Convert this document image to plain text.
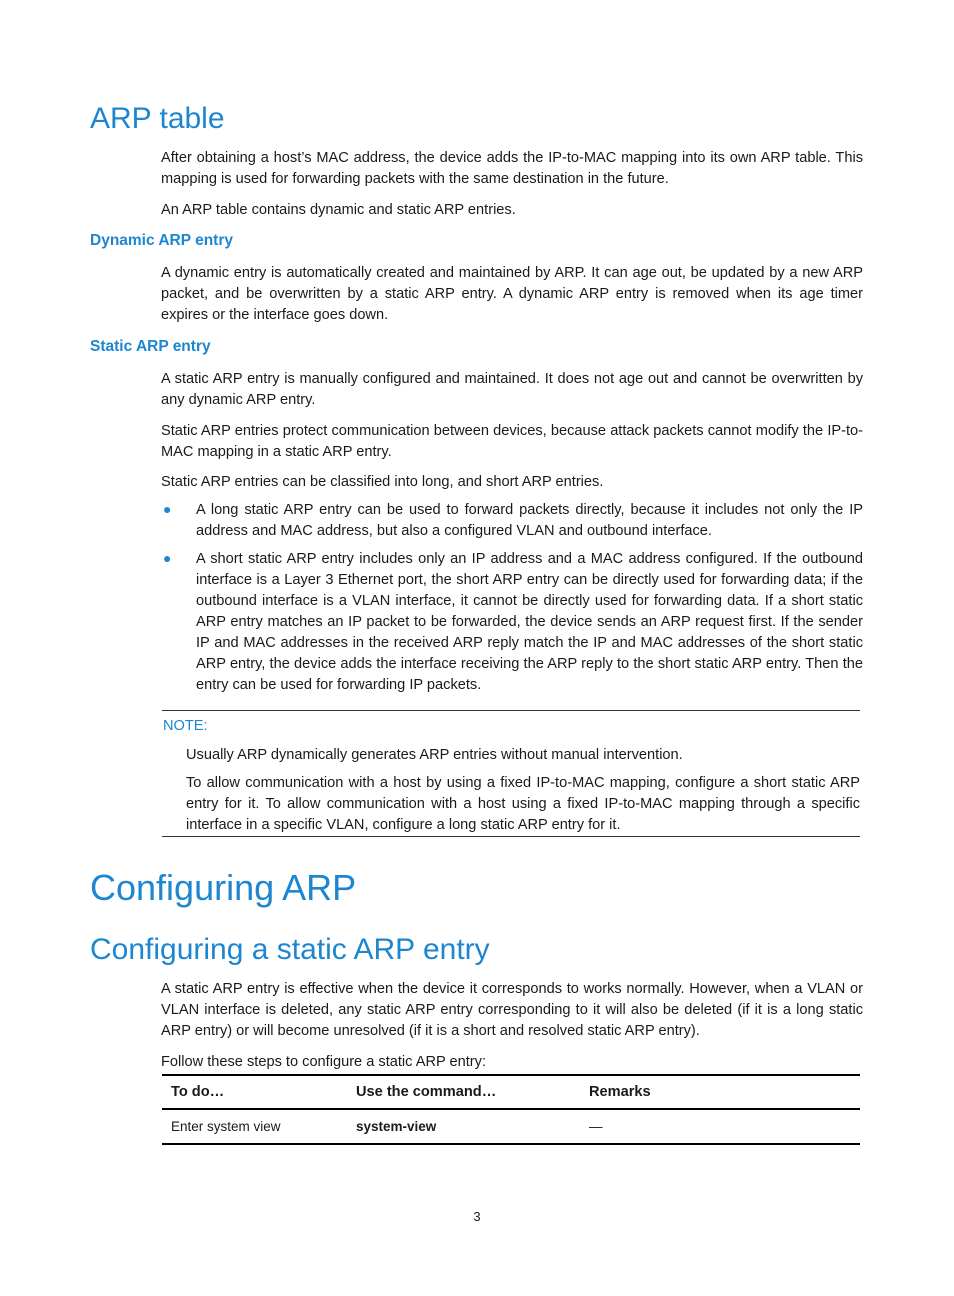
ARP table

After obtaining a host’s MAC address, the device adds the IP-to-MAC mapping into its own ARP table. This mapping is used for forwarding packets with the same destination in the future.

An ARP table contains dynamic and static ARP entries.

Dynamic ARP entry

A dynamic entry is automatically created and maintained by ARP. It can age out, be updated by a new ARP packet, and be overwritten by a static ARP entry. A dynamic ARP entry is removed when its age timer expires or the interface goes down.

Static ARP entry

A static ARP entry is manually configured and maintained. It does not age out and cannot be overwritten by any dynamic ARP entry.

Static ARP entries protect communication between devices, because attack packets cannot modify the IP-to-MAC mapping in a static ARP entry.

Static ARP entries can be classified into long, and short ARP entries.

● A long static ARP entry can be used to forward packets directly, because it includes not only the IP address and MAC address, but also a configured VLAN and outbound interface.

● A short static ARP entry includes only an IP address and a MAC address configured. If the outbound interface is a Layer 3 Ethernet port, the short ARP entry can be directly used for forwarding data; if the outbound interface is a VLAN interface, it cannot be directly used for forwarding data. If a short static ARP entry matches an IP packet to be forwarded, the device sends an ARP request first. If the sender IP and MAC addresses in the received ARP reply match the IP and MAC addresses of the short static ARP entry, the device adds the interface receiving the ARP reply to the short static ARP entry. Then the entry can be used for forwarding IP packets.

NOTE:

Usually ARP dynamically generates ARP entries without manual intervention.

To allow communication with a host by using a fixed IP-to-MAC mapping, configure a short static ARP entry for it. To allow communication with a host using a fixed IP-to-MAC mapping through a specific interface in a specific VLAN, configure a long static ARP entry for it.

Configuring ARP
Configuring a static ARP entry

A static ARP entry is effective when the device it corresponds to works normally. However, when a VLAN or VLAN interface is deleted, any static ARP entry corresponding to it will also be deleted (if it is a long static ARP entry) or will become unresolved (if it is a short and resolved static ARP entry).

Follow these steps to configure a static ARP entry:

To do…	Use the command…	Remarks
Enter system view	system-view	—
3
